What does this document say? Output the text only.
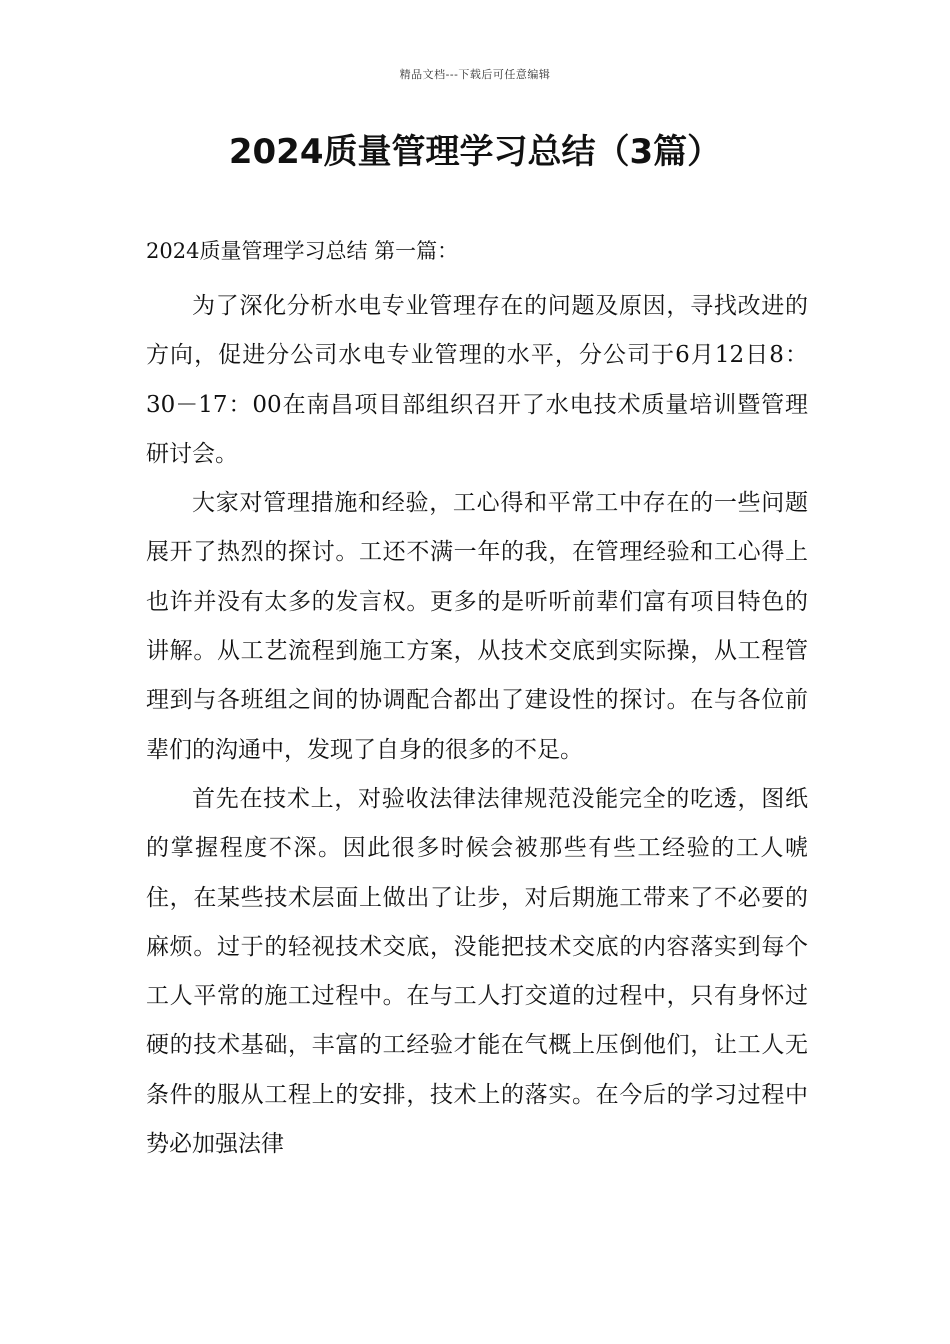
精品文档---下载后可任意编辑
2024质量管理学习总结（3篇）
2024质量管理学习总结 第一篇：

为了深化分析水电专业管理存在的问题及原因，寻找改进的方向，促进分公司水电专业管理的水平，分公司于6月12日8：30－17：00在南昌项目部组织召开了水电技术质量培训暨管理研讨会。

大家对管理措施和经验，工心得和平常工中存在的一些问题展开了热烈的探讨。工还不满一年的我，在管理经验和工心得上也许并没有太多的发言权。更多的是听听前辈们富有项目特色的讲解。从工艺流程到施工方案，从技术交底到实际操，从工程管理到与各班组之间的协调配合都出了建设性的探讨。在与各位前辈们的沟通中，发现了自身的很多的不足。

首先在技术上，对验收法律法律规范没能完全的吃透，图纸的掌握程度不深。因此很多时候会被那些有些工经验的工人唬住，在某些技术层面上做出了让步，对后期施工带来了不必要的麻烦。过于的轻视技术交底，没能把技术交底的内容落实到每个工人平常的施工过程中。在与工人打交道的过程中，只有身怀过硬的技术基础，丰富的工经验才能在气概上压倒他们，让工人无条件的服从工程上的安排，技术上的落实。在今后的学习过程中势必加强法律
